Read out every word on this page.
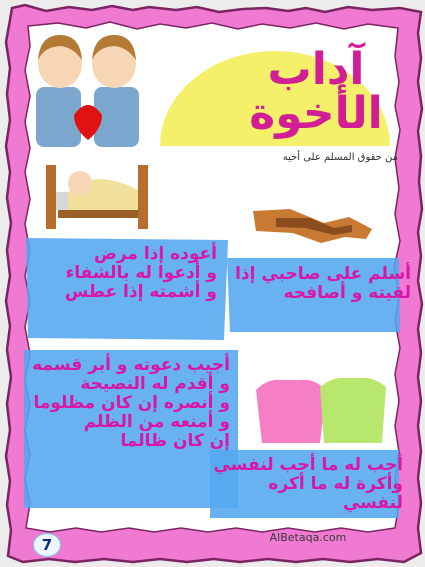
آداب الأخوة
من حقوق المسلم على أخيه
أعوده إذا مرض
و أدعوا له بالشفاء
و أشمته إذا عطس
أسلم على صاحبي إذا
لقيته و أصافحه
أجيب دعوته و أبر قسمه
و أقدم له النصيحة
و أنصره إن كان مظلوما
و أمنعه من الظلم
إن كان ظالما
أحب له ما أحب لنفسي
وأكرة له ما أكره لنفسي
AlBetaqa.com
7
